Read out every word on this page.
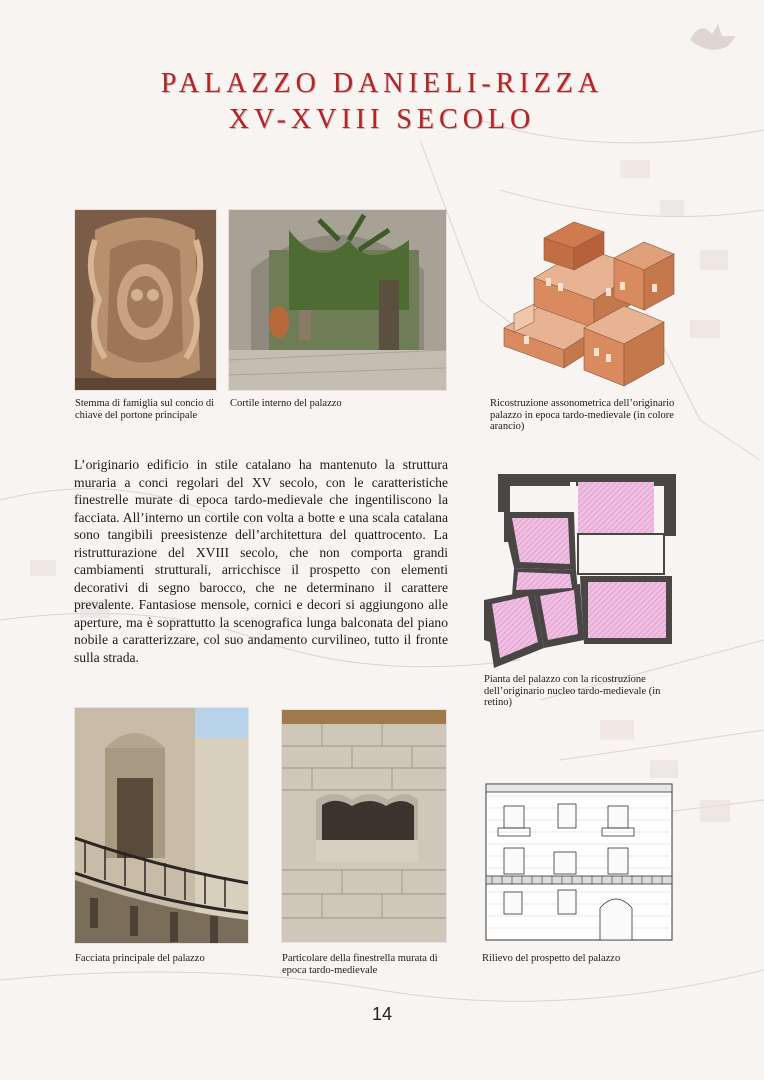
PALAZZO DANIELI-RIZZA
XV-XVIII SECOLO
Stemma di famiglia sul concio di chiave del portone principale
Cortile interno del palazzo	Ricostruzione assonometrica dell’originario palazzo in epoca tardo-medievale (in colore arancio)
L’originario edificio in stile catalano ha mantenuto la struttura muraria a conci regolari del XV secolo, con le caratteristiche finestrelle murate di epoca tardo-medievale che ingentiliscono la facciata. All’interno un cortile con volta a botte e una scala catalana sono tangibili preesistenze dell’architettura del quattrocento. La ristrutturazione del XVIII secolo, che non comporta grandi cambiamenti strutturali, arricchisce il prospetto con elementi decorativi di segno barocco, che ne determinano il carattere prevalente. Fantasiose mensole, cornici e decori si aggiungono alle aperture, ma è soprattutto la scenografica lunga balconata del piano nobile a caratterizzare, col suo andamento curvilineo, tutto il fronte sulla strada.
Pianta del palazzo con la ricostruzione dell’originario nucleo tardo-medievale (in retino)
Facciata principale del palazzo	Particolare della finestrella murata di epoca tardo-medievale
Rilievo del prospetto del palazzo
14
